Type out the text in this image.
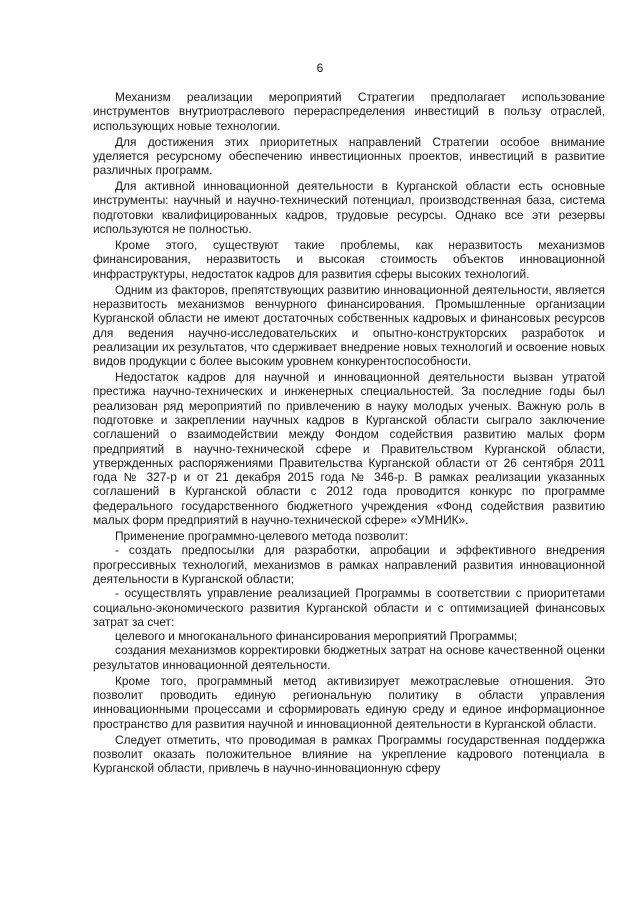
6

Механизм реализации мероприятий Стратегии предполагает использование инструментов внутриотраслевого перераспределения инвестиций в пользу отраслей, использующих новые технологии.

Для достижения этих приоритетных направлений Стратегии особое внимание уделяется ресурсному обеспечению инвестиционных проектов, инвестиций в развитие различных программ.

Для активной инновационной деятельности в Курганской области есть основные инструменты: научный и научно-технический потенциал, производственная база, система подготовки квалифицированных кадров, трудовые ресурсы. Однако все эти резервы используются не полностью.

Кроме этого, существуют такие проблемы, как неразвитость механизмов финансирования, неразвитость и высокая стоимость объектов инновационной инфраструктуры, недостаток кадров для развития сферы высоких технологий.

Одним из факторов, препятствующих развитию инновационной деятельности, является неразвитость механизмов венчурного финансирования. Промышленные организации Курганской области не имеют достаточных собственных кадровых и финансовых ресурсов для ведения научно-исследовательских и опытно-конструкторских разработок и реализации их результатов, что сдерживает внедрение новых технологий и освоение новых видов продукции с более высоким уровнем конкурентоспособности.

Недостаток кадров для научной и инновационной деятельности вызван утратой престижа научно-технических и инженерных специальностей. За последние годы был реализован ряд мероприятий по привлечению в науку молодых ученых. Важную роль в подготовке и закреплении научных кадров в Курганской области сыграло заключение соглашений о взаимодействии между Фондом содействия развитию малых форм предприятий в научно-технической сфере и Правительством Курганской области, утвержденных распоряжениями Правительства Курганской области от 26 сентября 2011 года № 327-р и от 21 декабря 2015 года № 346-р. В рамках реализации указанных соглашений в Курганской области с 2012 года проводится конкурс по программе федерального государственного бюджетного учреждения «Фонд содействия развитию малых форм предприятий в научно-технической сфере» «УМНИК».

Применение программно-целевого метода позволит:

- создать предпосылки для разработки, апробации и эффективного внедрения прогрессивных технологий, механизмов в рамках направлений развития инновационной деятельности в Курганской области;

- осуществлять управление реализацией Программы в соответствии с приоритетами социально-экономического развития Курганской области и с оптимизацией финансовых затрат за счет:

целевого и многоканального финансирования мероприятий Программы;

создания механизмов корректировки бюджетных затрат на основе качественной оценки результатов инновационной деятельности.

Кроме того, программный метод активизирует межотраслевые отношения. Это позволит проводить единую региональную политику в области управления инновационными процессами и сформировать единую среду и единое информационное пространство для развития научной и инновационной деятельности в Курганской области.

Следует отметить, что проводимая в рамках Программы государственная поддержка позволит оказать положительное влияние на укрепление кадрового потенциала в Курганской области, привлечь в научно-инновационную сферу
